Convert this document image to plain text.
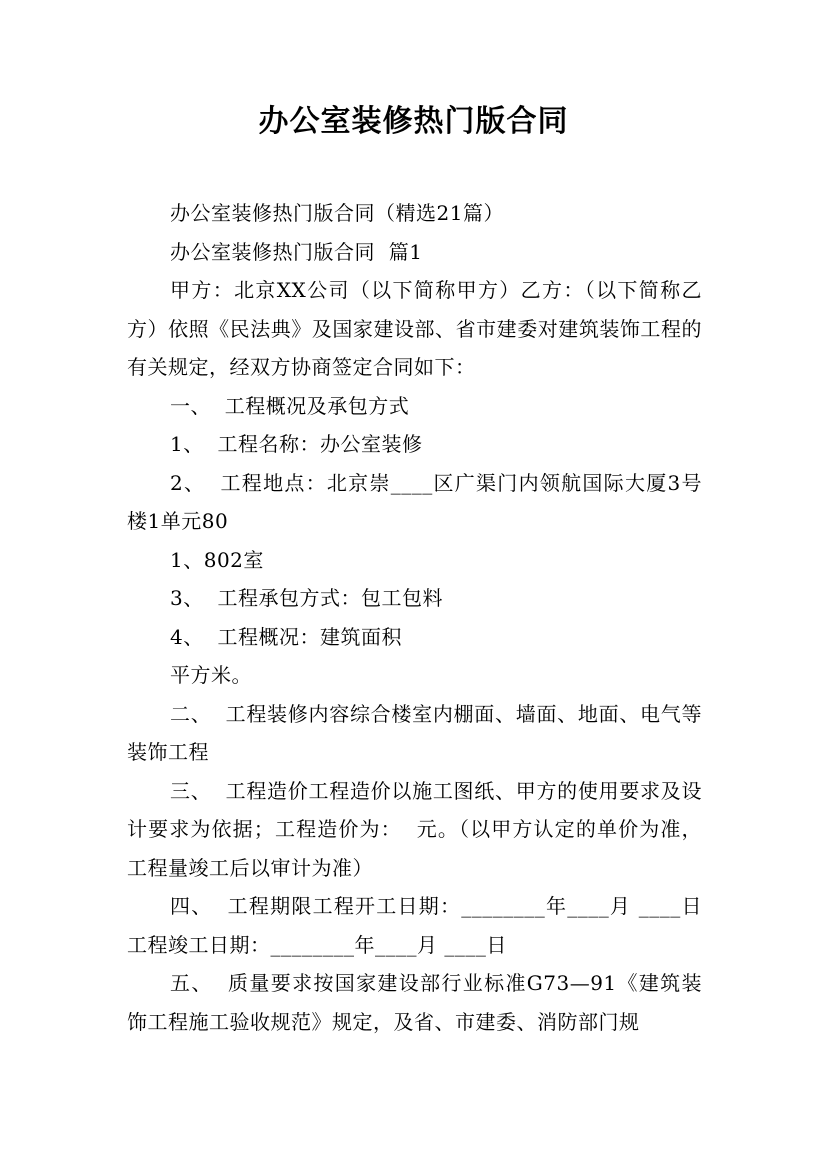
办公室装修热门版合同

办公室装修热门版合同（精选21篇）

办公室装修热门版合同  篇1

甲方：北京XX公司（以下简称甲方）乙方：（以下简称乙方）依照《民法典》及国家建设部、省市建委对建筑装饰工程的有关规定，经双方协商签定合同如下：

一、  工程概况及承包方式

1、  工程名称：办公室装修

2、  工程地点：北京崇____区广渠门内领航国际大厦3号楼1单元80

1、802室

3、  工程承包方式：包工包料

4、  工程概况：建筑面积

平方米。

二、  工程装修内容综合楼室内棚面、墙面、地面、电气等装饰工程

三、  工程造价工程造价以施工图纸、甲方的使用要求及设计要求为依据；工程造价为：  元。（以甲方认定的单价为准，工程量竣工后以审计为准）

四、  工程期限工程开工日期：________年____月 ____日工程竣工日期：________年____月 ____日

五、  质量要求按国家建设部行业标准G73—91《建筑装饰工程施工验收规范》规定，及省、市建委、消防部门规
